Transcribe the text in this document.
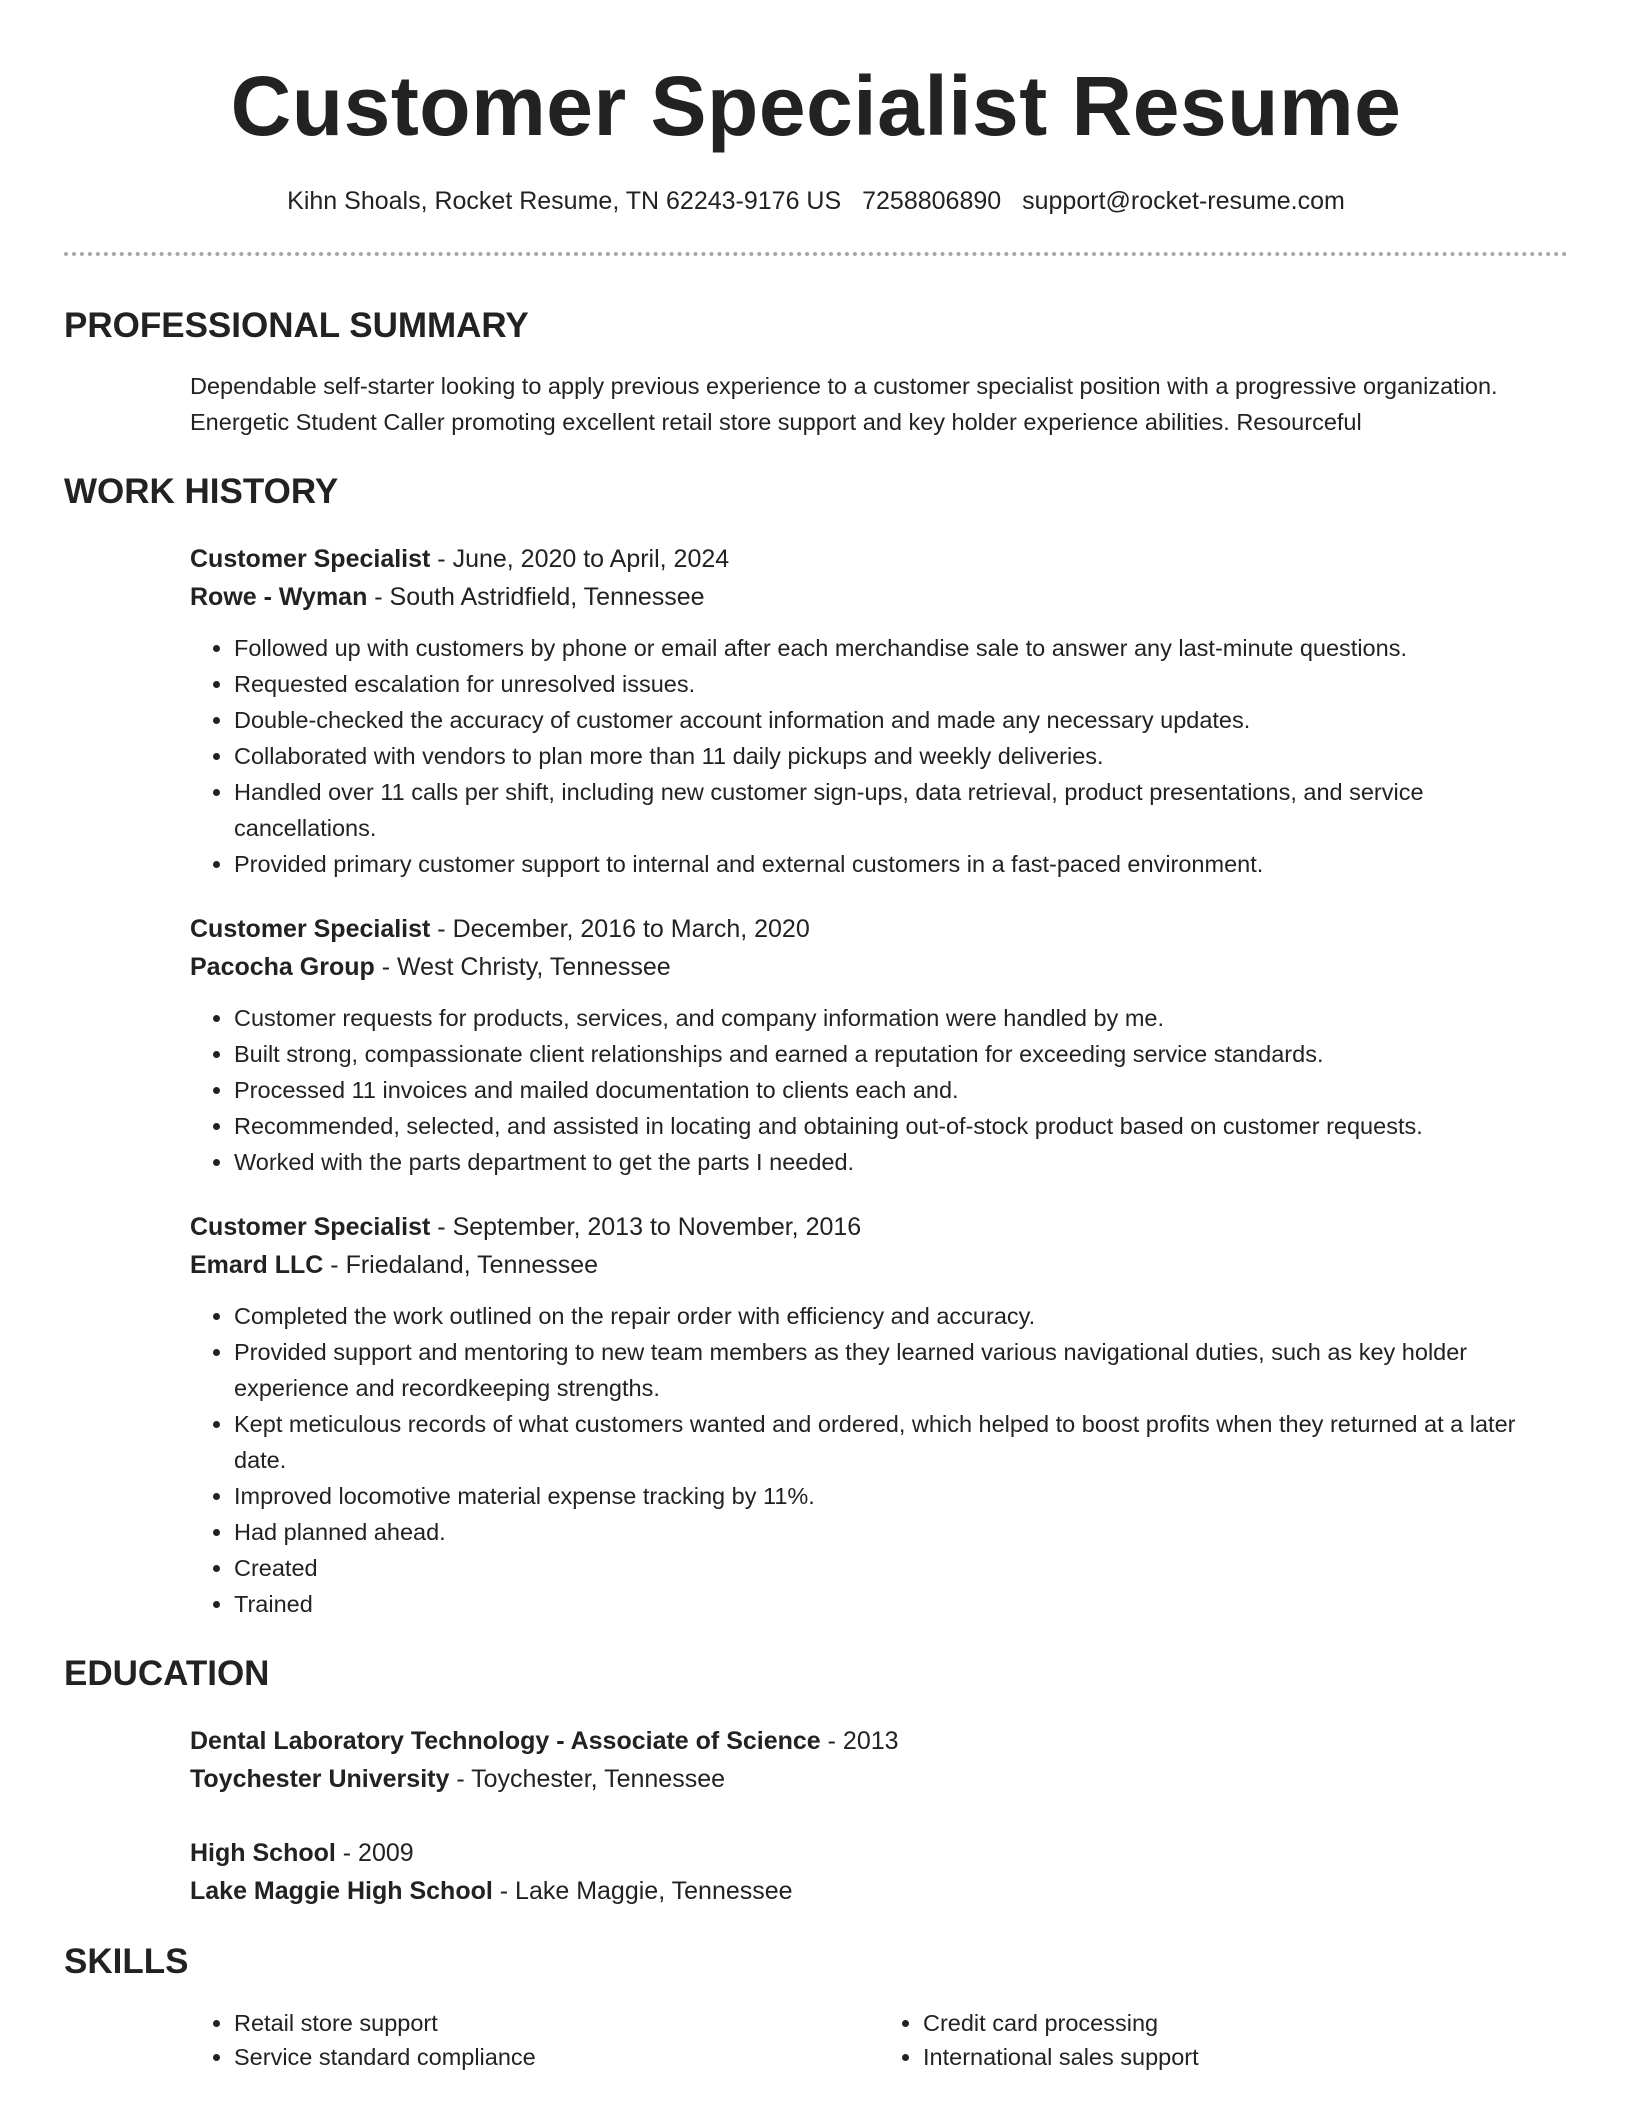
Customer Specialist Resume
Kihn Shoals, Rocket Resume, TN 62243-9176 US 7258806890 support@rocket-resume.com
PROFESSIONAL SUMMARY
Dependable self-starter looking to apply previous experience to a customer specialist position with a progressive organization. Energetic Student Caller promoting excellent retail store support and key holder experience abilities. Resourceful
WORK HISTORY
Customer Specialist - June, 2020 to April, 2024
Rowe - Wyman - South Astridfield, Tennessee
• Followed up with customers by phone or email after each merchandise sale to answer any last-minute questions.
• Requested escalation for unresolved issues.
• Double-checked the accuracy of customer account information and made any necessary updates.
• Collaborated with vendors to plan more than 11 daily pickups and weekly deliveries.
• Handled over 11 calls per shift, including new customer sign-ups, data retrieval, product presentations, and service cancellations.
• Provided primary customer support to internal and external customers in a fast-paced environment.
Customer Specialist - December, 2016 to March, 2020
Pacocha Group - West Christy, Tennessee
• Customer requests for products, services, and company information were handled by me.
• Built strong, compassionate client relationships and earned a reputation for exceeding service standards.
• Processed 11 invoices and mailed documentation to clients each and.
• Recommended, selected, and assisted in locating and obtaining out-of-stock product based on customer requests.
• Worked with the parts department to get the parts I needed.
Customer Specialist - September, 2013 to November, 2016
Emard LLC - Friedaland, Tennessee
• Completed the work outlined on the repair order with efficiency and accuracy.
• Provided support and mentoring to new team members as they learned various navigational duties, such as key holder experience and recordkeeping strengths.
• Kept meticulous records of what customers wanted and ordered, which helped to boost profits when they returned at a later date.
• Improved locomotive material expense tracking by 11%.
• Had planned ahead.
• Created
• Trained
EDUCATION
Dental Laboratory Technology - Associate of Science - 2013
Toychester University - Toychester, Tennessee
High School - 2009
Lake Maggie High School - Lake Maggie, Tennessee
SKILLS
• Retail store support
• Service standard compliance
• Credit card processing
• International sales support
